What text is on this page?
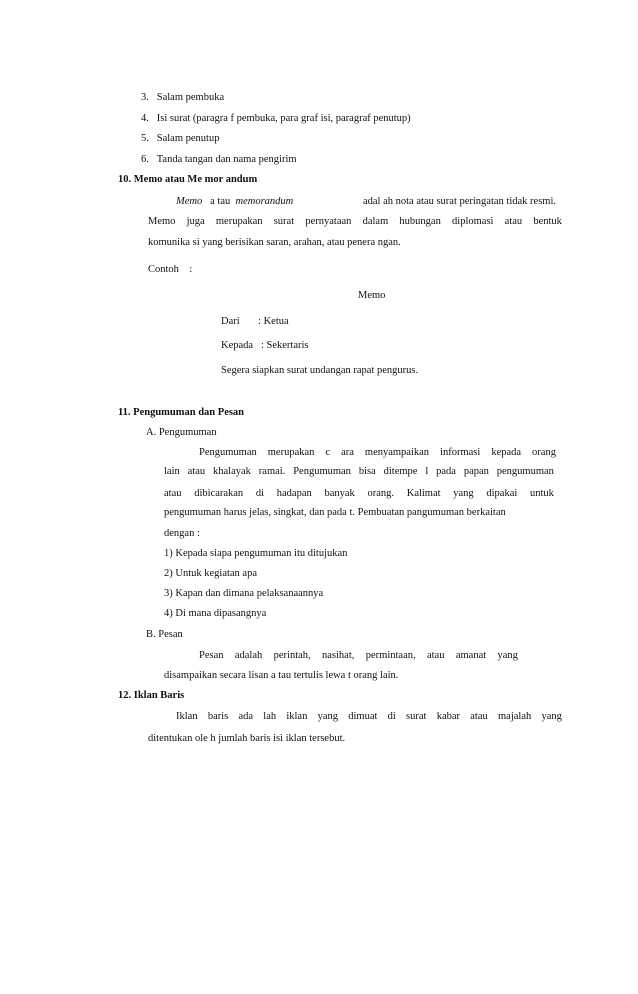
3. Salam pembuka
4. Isi surat (paragra f pembuka, para graf isi, paragraf penutup)
5. Salam penutup
6. Tanda tangan dan nama pengirim
10. Memo atau Me mor andum
Memo a tau memorandum	adal ah nota atau surat peringatan tidak resmi.
Memo juga merupakan surat pernyataan dalam hubungan diplomasi atau bentuk
komunika si yang berisikan saran, arahan, atau penera ngan.
Contoh :
Memo
Dari : Ketua
Kepada : Sekertaris
Segera siapkan surat undangan rapat pengurus.
11. Pengumuman dan Pesan
A. Pengumuman
Pengumuman merupakan c ara menyampaikan informasi kepada orang
lain atau khalayak ramai. Pengumuman bisa ditempe l pada papan pengumuman
atau dibicarakan di hadapan banyak orang. Kalimat yang dipakai untuk
pengumuman harus jelas, singkat, dan pada t. Pembuatan pangumuman berkaitan
dengan :
1) Kepada siapa pengumuman itu ditujukan
2) Untuk kegiatan apa
3) Kapan dan dimana pelaksanaannya
4) Di mana dipasangnya
B. Pesan
Pesan adalah perintah, nasihat, permintaan, atau amanat yang
disampaikan secara lisan a tau tertulis lewa t orang lain.
12. Iklan Baris
Iklan baris ada lah iklan yang dimuat di surat kabar atau majalah yang
ditentukan ole h jumlah baris isi iklan tersebut.
